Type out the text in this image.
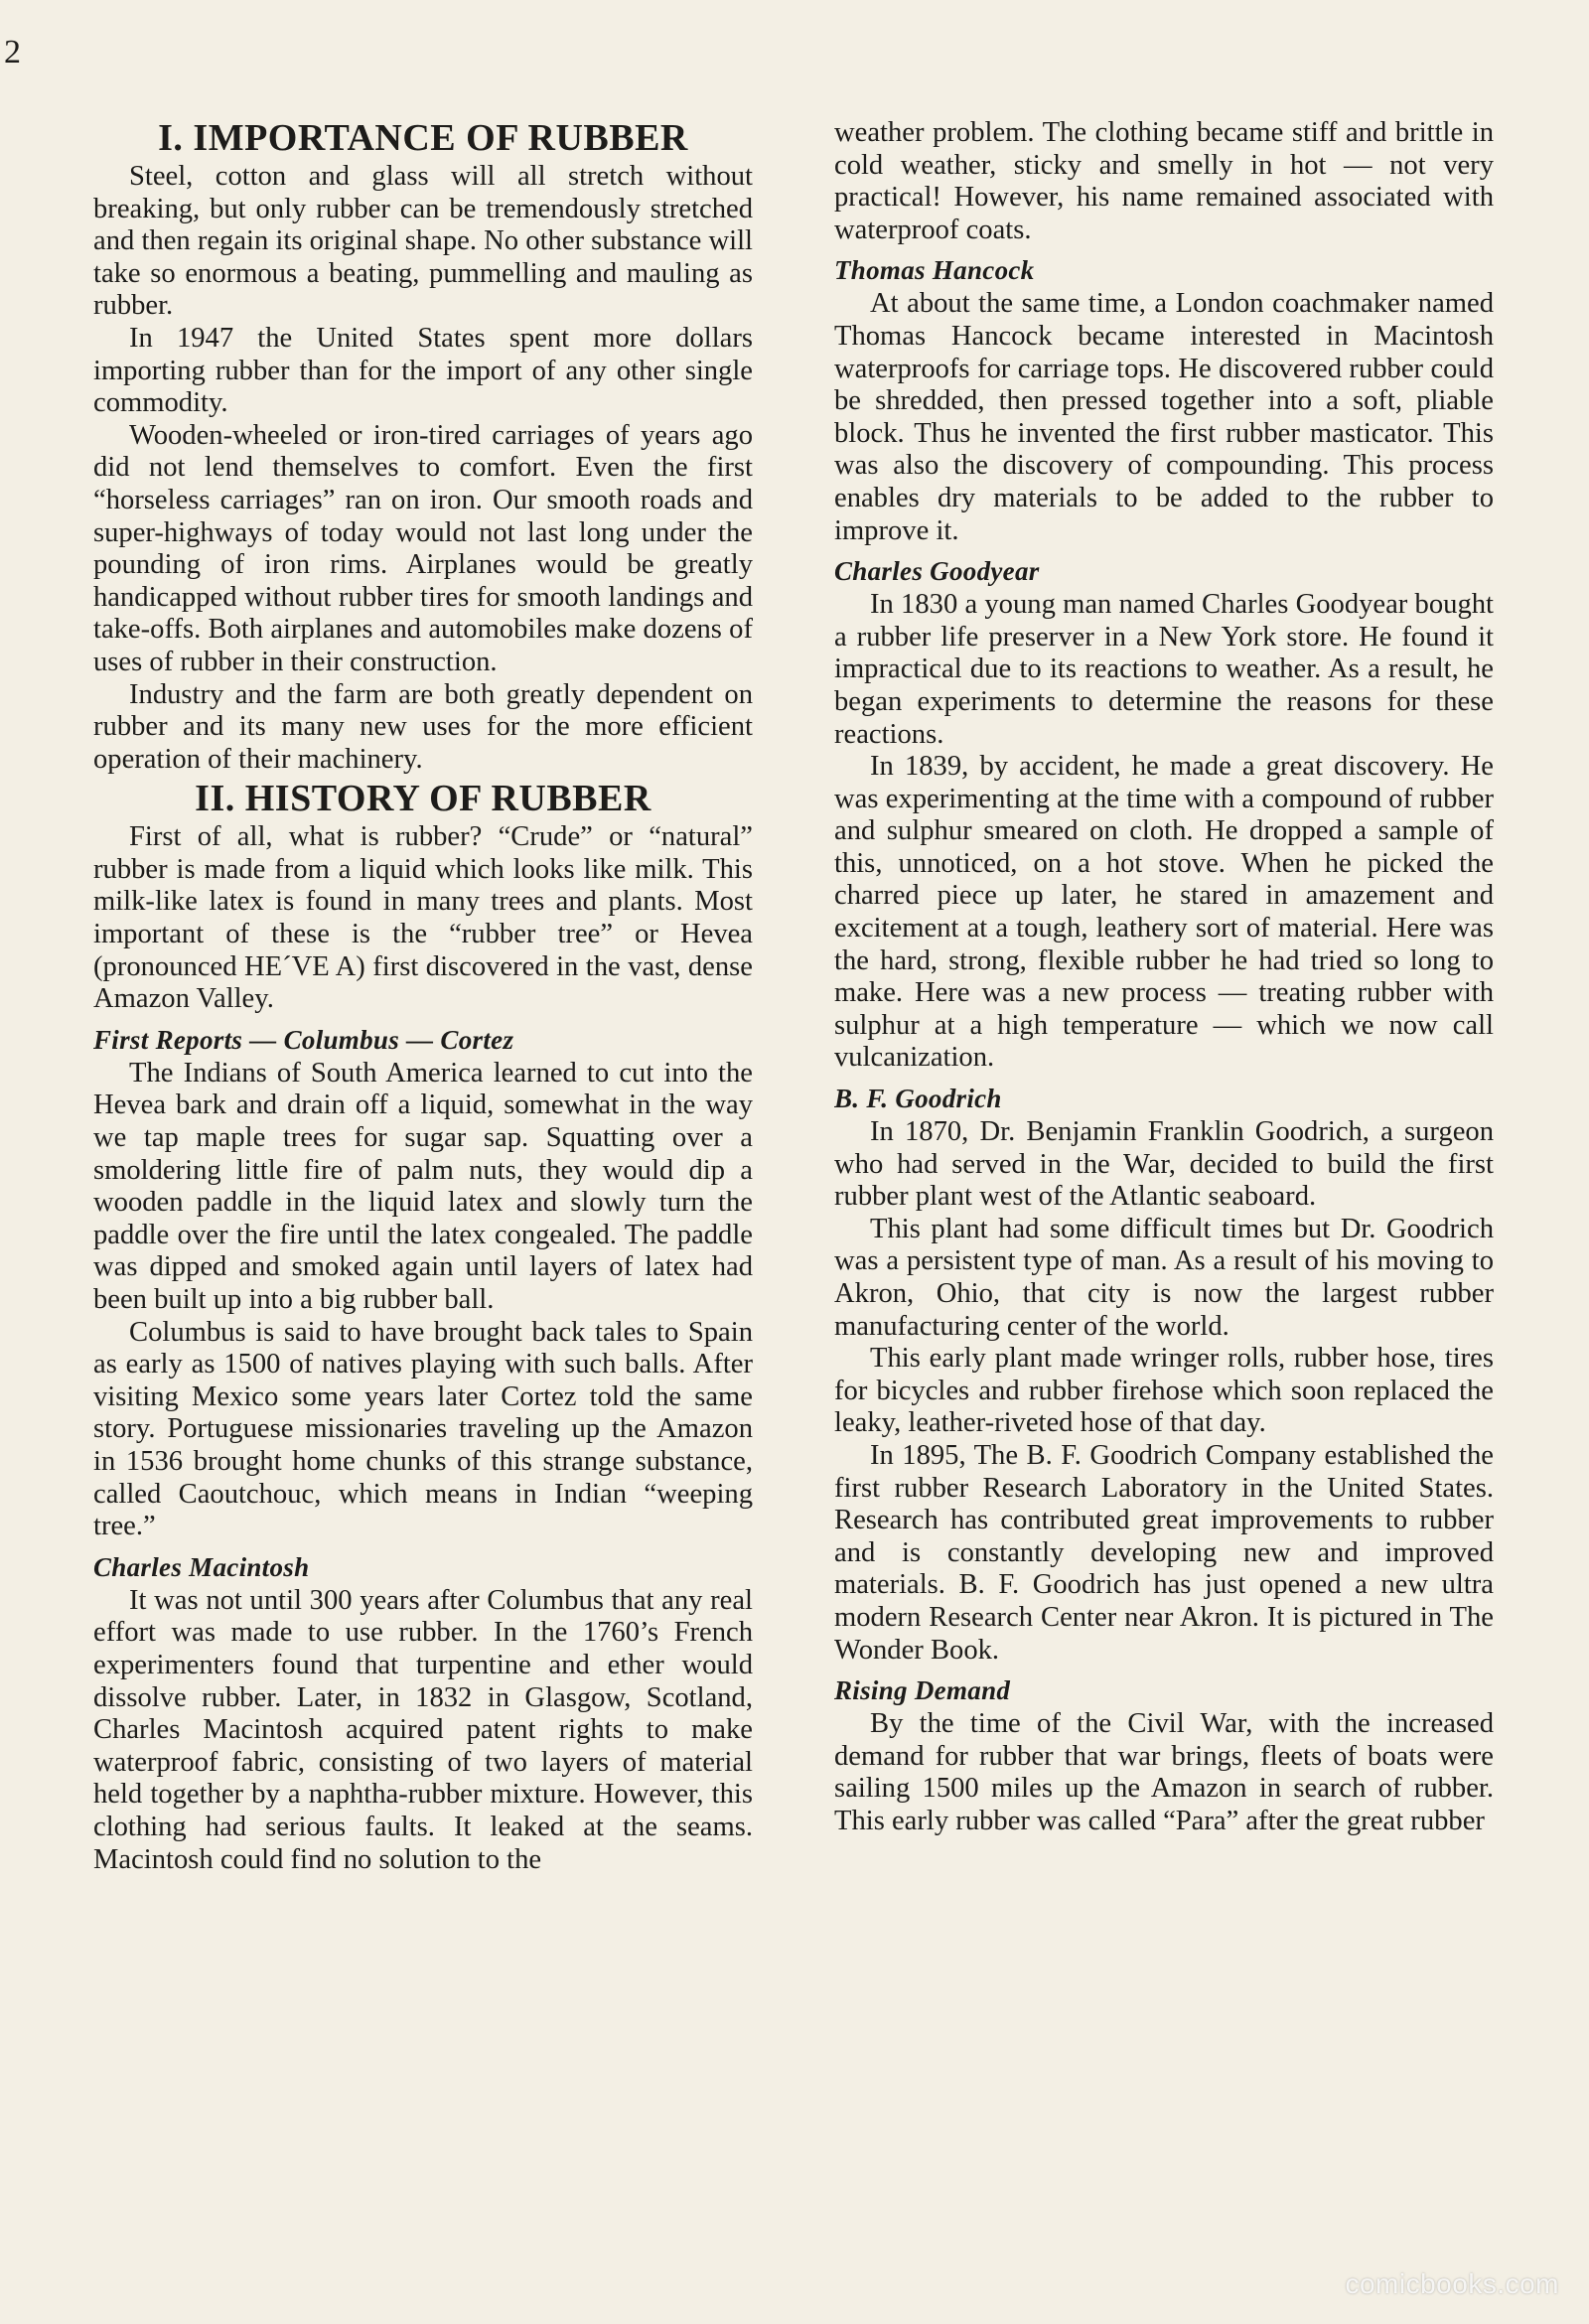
2
I. IMPORTANCE OF RUBBER

Steel, cotton and glass will all stretch without breaking, but only rubber can be tremendously stretched and then regain its original shape. No other substance will take so enormous a beating, pummelling and mauling as rubber.

In 1947 the United States spent more dollars importing rubber than for the import of any other single commodity.

Wooden-wheeled or iron-tired carriages of years ago did not lend themselves to comfort. Even the first “horseless carriages” ran on iron. Our smooth roads and super-highways of today would not last long under the pounding of iron rims. Airplanes would be greatly handicapped without rubber tires for smooth landings and take-offs. Both airplanes and automobiles make dozens of uses of rubber in their construction.

Industry and the farm are both greatly dependent on rubber and its many new uses for the more efficient operation of their machinery.

II. HISTORY OF RUBBER

First of all, what is rubber? “Crude” or “natural” rubber is made from a liquid which looks like milk. This milk-like latex is found in many trees and plants. Most important of these is the “rubber tree” or Hevea (pronounced HE´VE A) first discovered in the vast, dense Amazon Valley.

First Reports — Columbus — Cortez

The Indians of South America learned to cut into the Hevea bark and drain off a liquid, somewhat in the way we tap maple trees for sugar sap. Squatting over a smoldering little fire of palm nuts, they would dip a wooden paddle in the liquid latex and slowly turn the paddle over the fire until the latex congealed. The paddle was dipped and smoked again until layers of latex had been built up into a big rubber ball.

Columbus is said to have brought back tales to Spain as early as 1500 of natives playing with such balls. After visiting Mexico some years later Cortez told the same story. Portuguese missionaries traveling up the Amazon in 1536 brought home chunks of this strange substance, called Caoutchouc, which means in Indian “weeping tree.”

Charles Macintosh

It was not until 300 years after Columbus that any real effort was made to use rubber. In the 1760’s French experimenters found that turpentine and ether would dissolve rubber. Later, in 1832 in Glasgow, Scotland, Charles Macintosh acquired patent rights to make waterproof fabric, consisting of two layers of material held together by a naphtha-rubber mixture. However, this clothing had serious faults. It leaked at the seams. Macintosh could find no solution to the

weather problem. The clothing became stiff and brittle in cold weather, sticky and smelly in hot — not very practical! However, his name remained associated with waterproof coats.

Thomas Hancock

At about the same time, a London coachmaker named Thomas Hancock became interested in Macintosh waterproofs for carriage tops. He discovered rubber could be shredded, then pressed together into a soft, pliable block. Thus he invented the first rubber masticator. This was also the discovery of compounding. This process enables dry materials to be added to the rubber to improve it.

Charles Goodyear

In 1830 a young man named Charles Goodyear bought a rubber life preserver in a New York store. He found it impractical due to its reactions to weather. As a result, he began experiments to determine the reasons for these reactions.

In 1839, by accident, he made a great discovery. He was experimenting at the time with a compound of rubber and sulphur smeared on cloth. He dropped a sample of this, unnoticed, on a hot stove. When he picked the charred piece up later, he stared in amazement and excitement at a tough, leathery sort of material. Here was the hard, strong, flexible rubber he had tried so long to make. Here was a new process — treating rubber with sulphur at a high temperature — which we now call vulcanization.

B. F. Goodrich

In 1870, Dr. Benjamin Franklin Goodrich, a surgeon who had served in the War, decided to build the first rubber plant west of the Atlantic seaboard.

This plant had some difficult times but Dr. Goodrich was a persistent type of man. As a result of his moving to Akron, Ohio, that city is now the largest rubber manufacturing center of the world.

This early plant made wringer rolls, rubber hose, tires for bicycles and rubber firehose which soon replaced the leaky, leather-riveted hose of that day.

In 1895, The B. F. Goodrich Company established the first rubber Research Laboratory in the United States. Research has contributed great improvements to rubber and is constantly developing new and improved materials. B. F. Goodrich has just opened a new ultra modern Research Center near Akron. It is pictured in The Wonder Book.

Rising Demand

By the time of the Civil War, with the increased demand for rubber that war brings, fleets of boats were sailing 1500 miles up the Amazon in search of rubber. This early rubber was called “Para” after the great rubber

comicbooks.com
